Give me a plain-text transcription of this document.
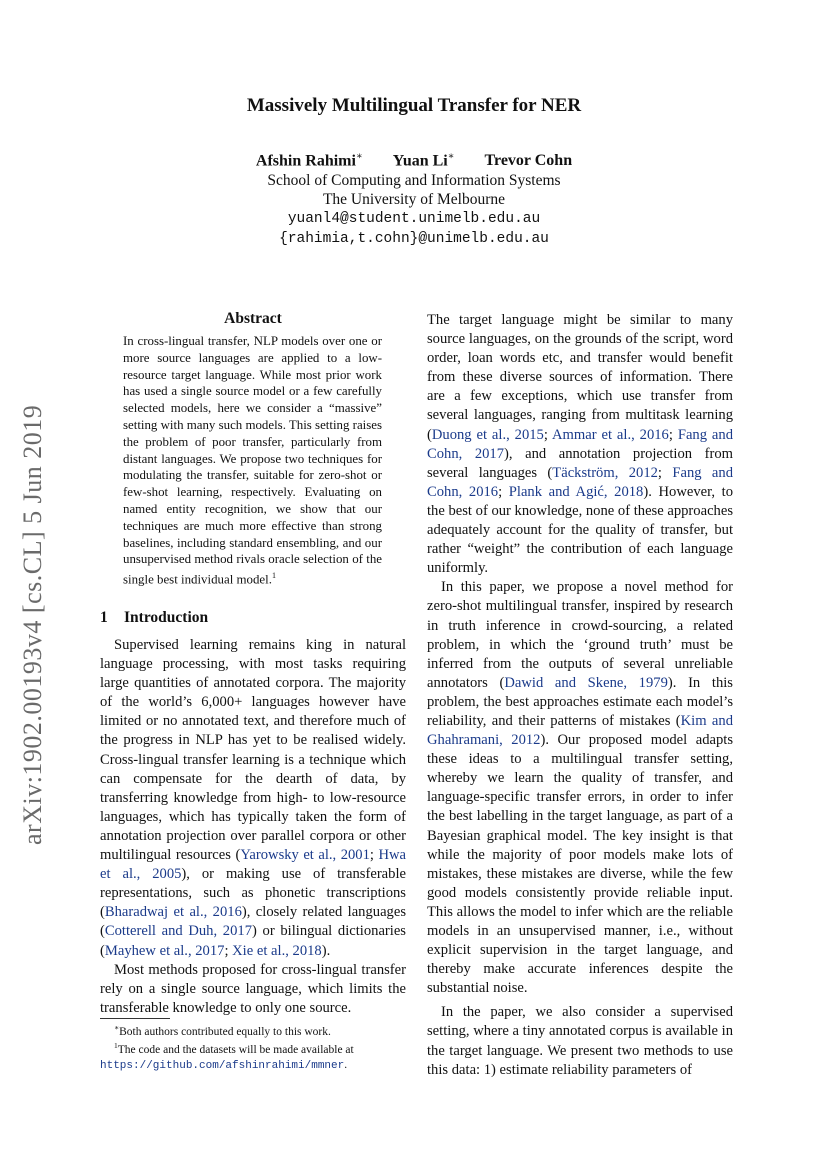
arXiv:1902.00193v4 [cs.CL] 5 Jun 2019
Massively Multilingual Transfer for NER
Afshin Rahimi∗ Yuan Li∗ Trevor Cohn
School of Computing and Information Systems
The University of Melbourne
yuanl4@student.unimelb.edu.au
{rahimia,t.cohn}@unimelb.edu.au
Abstract
In cross-lingual transfer, NLP models over one or more source languages are applied to a low-resource target language. While most prior work has used a single source model or a few carefully selected models, here we consider a “massive” setting with many such models. This setting raises the problem of poor transfer, particularly from distant languages. We propose two techniques for modulating the transfer, suitable for zero-shot or few-shot learning, respectively. Evaluating on named entity recognition, we show that our techniques are much more effective than strong baselines, including standard ensembling, and our unsupervised method rivals oracle selection of the single best individual model.$^1$
1 Introduction

Supervised learning remains king in natural language processing, with most tasks requiring large quantities of annotated corpora. The majority of the world’s 6,000+ languages however have limited or no annotated text, and therefore much of the progress in NLP has yet to be realised widely. Cross-lingual transfer learning is a technique which can compensate for the dearth of data, by transferring knowledge from high- to low-resource languages, which has typically taken the form of annotation projection over parallel corpora or other multilingual resources (Yarowsky et al., 2001; Hwa et al., 2005), or making use of transferable representations, such as phonetic transcriptions (Bharadwaj et al., 2016), closely related languages (Cotterell and Duh, 2017) or bilingual dictionaries (Mayhew et al., 2017; Xie et al., 2018).

Most methods proposed for cross-lingual transfer rely on a single source language, which limits the transferable knowledge to only one source.

The target language might be similar to many source languages, on the grounds of the script, word order, loan words etc, and transfer would benefit from these diverse sources of information. There are a few exceptions, which use transfer from several languages, ranging from multitask learning (Duong et al., 2015; Ammar et al., 2016; Fang and Cohn, 2017), and annotation projection from several languages (Täckström, 2012; Fang and Cohn, 2016; Plank and Agić, 2018). However, to the best of our knowledge, none of these approaches adequately account for the quality of transfer, but rather “weight” the contribution of each language uniformly.

In this paper, we propose a novel method for zero-shot multilingual transfer, inspired by research in truth inference in crowd-sourcing, a related problem, in which the ‘ground truth’ must be inferred from the outputs of several unreliable annotators (Dawid and Skene, 1979). In this problem, the best approaches estimate each model’s reliability, and their patterns of mistakes (Kim and Ghahramani, 2012). Our proposed model adapts these ideas to a multilingual transfer setting, whereby we learn the quality of transfer, and language-specific transfer errors, in order to infer the best labelling in the target language, as part of a Bayesian graphical model. The key insight is that while the majority of poor models make lots of mistakes, these mistakes are diverse, while the few good models consistently provide reliable input. This allows the model to infer which are the reliable models in an unsupervised manner, i.e., without explicit supervision in the target language, and thereby make accurate inferences despite the substantial noise.

In the paper, we also consider a supervised setting, where a tiny annotated corpus is available in the target language. We present two methods to use this data: 1) estimate reliability parameters of

∗Both authors contributed equally to this work.

$^1$The code and the datasets will be made available at https://github.com/afshinrahimi/mmner.
